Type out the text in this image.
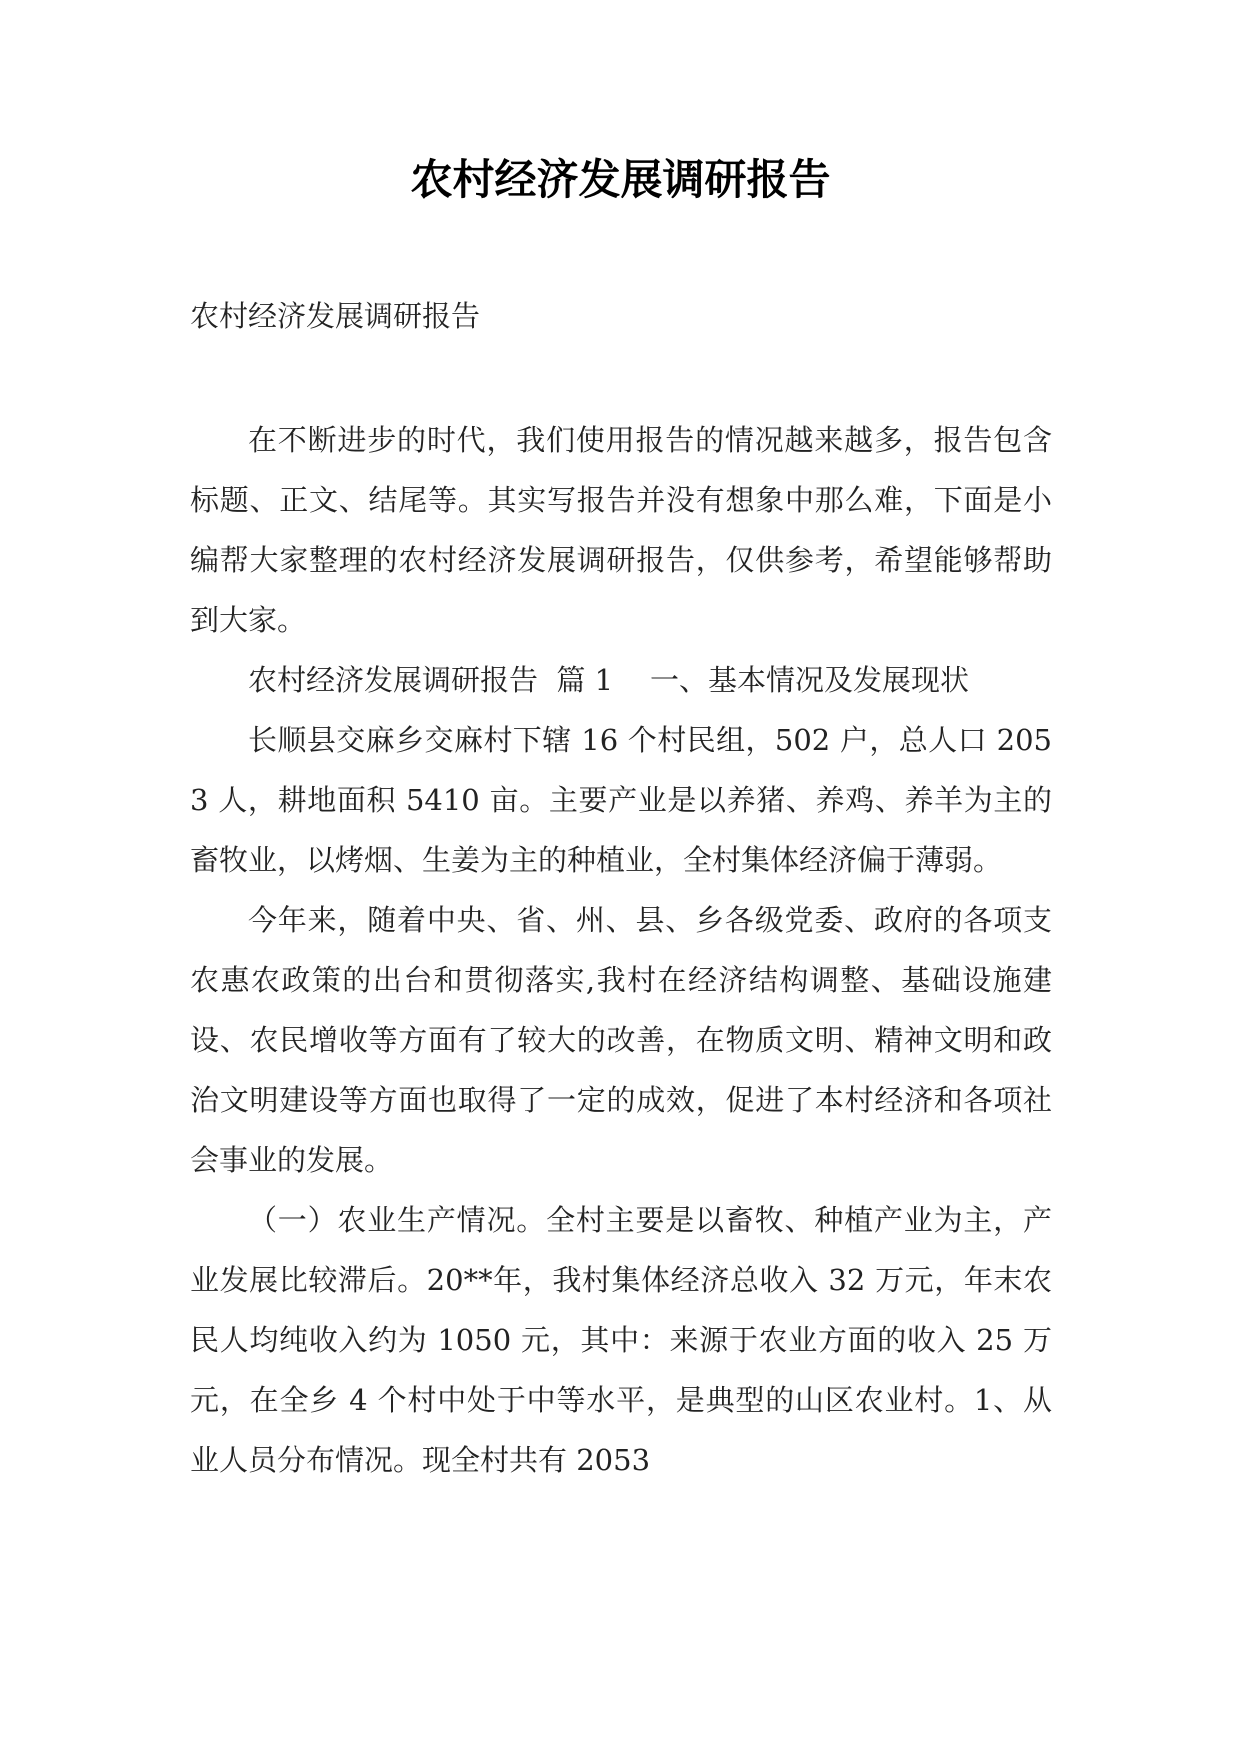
农村经济发展调研报告
农村经济发展调研报告

在不断进步的时代，我们使用报告的情况越来越多，报告包含标题、正文、结尾等。其实写报告并没有想象中那么难，下面是小编帮大家整理的农村经济发展调研报告，仅供参考，希望能够帮助到大家。

农村经济发展调研报告  篇 1    一、基本情况及发展现状

长顺县交麻乡交麻村下辖 16 个村民组，502 户，总人口 2053 人，耕地面积 5410 亩。主要产业是以养猪、养鸡、养羊为主的畜牧业，以烤烟、生姜为主的种植业，全村集体经济偏于薄弱。

今年来，随着中央、省、州、县、乡各级党委、政府的各项支农惠农政策的出台和贯彻落实,我村在经济结构调整、基础设施建设、农民增收等方面有了较大的改善，在物质文明、精神文明和政治文明建设等方面也取得了一定的成效，促进了本村经济和各项社会事业的发展。

（一）农业生产情况。全村主要是以畜牧、种植产业为主，产业发展比较滞后。20**年，我村集体经济总收入 32 万元，年末农民人均纯收入约为 1050 元，其中：来源于农业方面的收入 25 万元，在全乡 4 个村中处于中等水平，是典型的山区农业村。1、从业人员分布情况。现全村共有 2053
